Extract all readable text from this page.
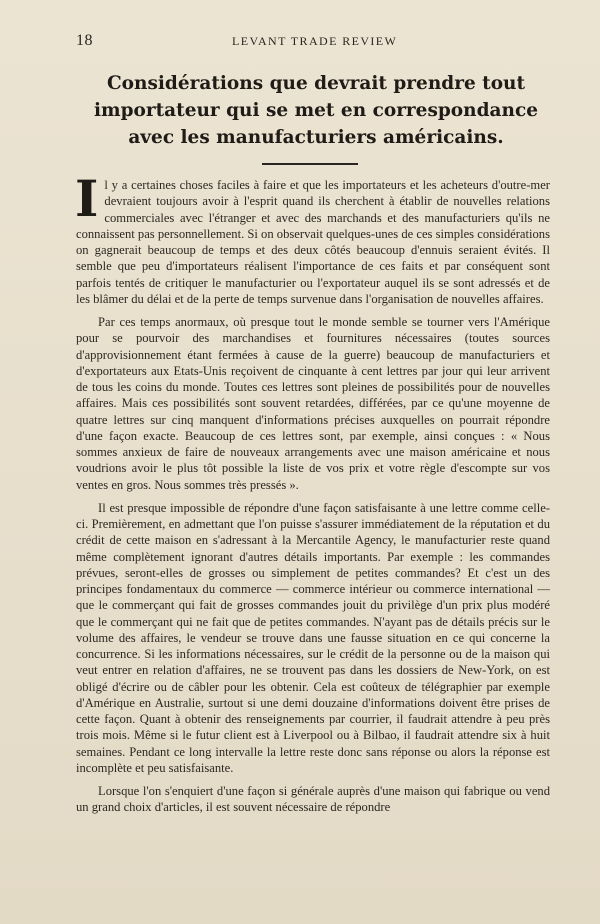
18	LEVANT TRADE REVIEW
Considérations que devrait prendre tout
importateur qui se met en correspondance
avec les manufacturiers américains.

Il y a certaines choses faciles à faire et que les importateurs et les acheteurs d'outre-mer devraient toujours avoir à l'esprit quand ils cherchent à établir de nouvelles relations commerciales avec l'étranger et avec des marchands et des manufacturiers qu'ils ne connaissent pas personnellement. Si on observait quelques-unes de ces simples considérations on gagnerait beaucoup de temps et des deux côtés beaucoup d'ennuis seraient évités. Il semble que peu d'importateurs réalisent l'importance de ces faits et par conséquent sont parfois tentés de critiquer le manufacturier ou l'exportateur auquel ils se sont adressés et de les blâmer du délai et de la perte de temps survenue dans l'organisation de nouvelles affaires.

Par ces temps anormaux, où presque tout le monde semble se tourner vers l'Amérique pour se pourvoir des marchandises et fournitures nécessaires (toutes sources d'approvisionnement étant fermées à cause de la guerre) beaucoup de manufacturiers et d'exportateurs aux Etats-Unis reçoivent de cinquante à cent lettres par jour qui leur arrivent de tous les coins du monde. Toutes ces lettres sont pleines de possibilités pour de nouvelles affaires. Mais ces possibilités sont souvent retardées, différées, par ce qu'une moyenne de quatre lettres sur cinq manquent d'informations précises auxquelles on pourrait répondre d'une façon exacte. Beaucoup de ces lettres sont, par exemple, ainsi conçues : « Nous sommes anxieux de faire de nouveaux arrangements avec une maison américaine et nous voudrions avoir le plus tôt possible la liste de vos prix et votre règle d'escompte sur vos ventes en gros. Nous sommes très pressés ».

Il est presque impossible de répondre d'une façon satisfaisante à une lettre comme celle-ci. Premièrement, en admettant que l'on puisse s'assurer immédiatement de la réputation et du crédit de cette maison en s'adressant à la Mercantile Agency, le manufacturier reste quand même complètement ignorant d'autres détails importants. Par exemple : les commandes prévues, seront-elles de grosses ou simplement de petites commandes? Et c'est un des principes fondamentaux du commerce — commerce intérieur ou commerce international — que le commerçant qui fait de grosses commandes jouit du privilège d'un prix plus modéré que le commerçant qui ne fait que de petites commandes. N'ayant pas de détails précis sur le volume des affaires, le vendeur se trouve dans une fausse situation en ce qui concerne la concurrence. Si les informations nécessaires, sur le crédit de la personne ou de la maison qui veut entrer en relation d'affaires, ne se trouvent pas dans les dossiers de New-York, on est obligé d'écrire ou de câbler pour les obtenir. Cela est coûteux de télégraphier par exemple d'Amérique en Australie, surtout si une demi douzaine d'informations doivent être prises de cette façon. Quant à obtenir des renseignements par courrier, il faudrait attendre à peu près trois mois. Même si le futur client est à Liverpool ou à Bilbao, il faudrait attendre six à huit semaines. Pendant ce long intervalle la lettre reste donc sans réponse ou alors la réponse est incomplète et peu satisfaisante.

Lorsque l'on s'enquiert d'une façon si générale auprès d'une maison qui fabrique ou vend un grand choix d'articles, il est souvent nécessaire de répondre
